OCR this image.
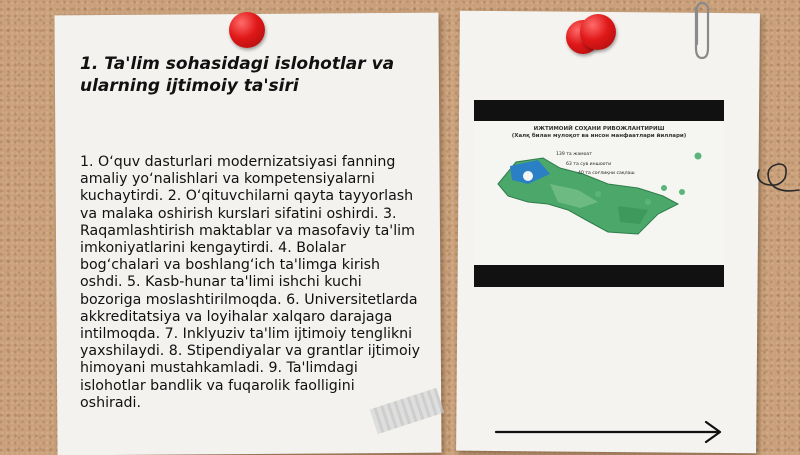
1. Ta'lim sohasidagi islohotlar va ularning ijtimoiy ta'siri
1. O‘quv dasturlari modernizatsiyasi fanning amaliy yo‘nalishlari va kompetensiyalarni kuchaytirdi. 2. O‘qituvchilarni qayta tayyorlash va malaka oshirish kurslari sifatini oshirdi. 3. Raqamlashtirish maktablar va masofaviy ta'lim imkoniyatlarini kengaytirdi. 4. Bolalar bog‘chalari va boshlang‘ich ta'limga kirish oshdi. 5. Kasb-hunar ta'limi ishchi kuchi bozoriga moslashtirilmoqda. 6. Universitetlarda akkreditatsiya va loyihalar xalqaro darajaga intilmoqda. 7. Inklyuziv ta'lim ijtimoiy tenglikni yaxshilaydi. 8. Stipendiyalar va grantlar ijtimoiy himoyani mustahkamladi. 9. Ta'limdagi islohotlar bandlik va fuqarolik faolligini oshiradi.
ИЖТИМОИЙ СОҲАНИ РИВОЖЛАНТИРИШ
(Халқ билан мулоқот ва инсон манфаатлари йиллари)
139 та жамоат
63 та сув иншооти
40 та соғлиқни сақлаш
